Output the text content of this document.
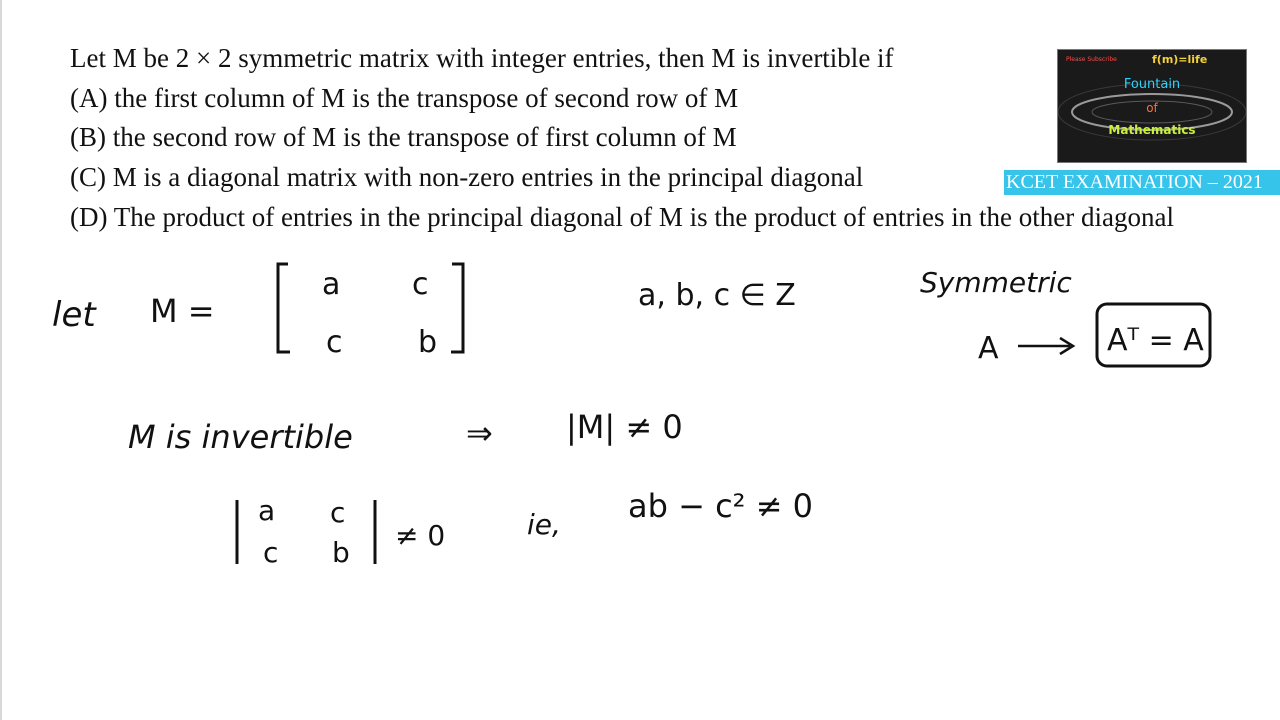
Let M be 2 × 2 symmetric matrix with integer entries, then M is invertible if
(A) the first column of M is the transpose of second row of M
(B) the second row of M is the transpose of first column of M
(C) M is a diagonal matrix with non-zero entries in the principal diagonal
(D) The product of entries in the principal diagonal of M is the product of entries in the other diagonal
Please Subscribe	f(m)=life
Fountain
of
Mathematics
KCET EXAMINATION – 2021
let M =
a c
c	b
a, b, c ∈ Z	Symmetric
A	Aᵀ = A
M is invertible	⇒ |M| ≠ 0
a c
c b
≠ 0	ie, ab − c² ≠ 0
